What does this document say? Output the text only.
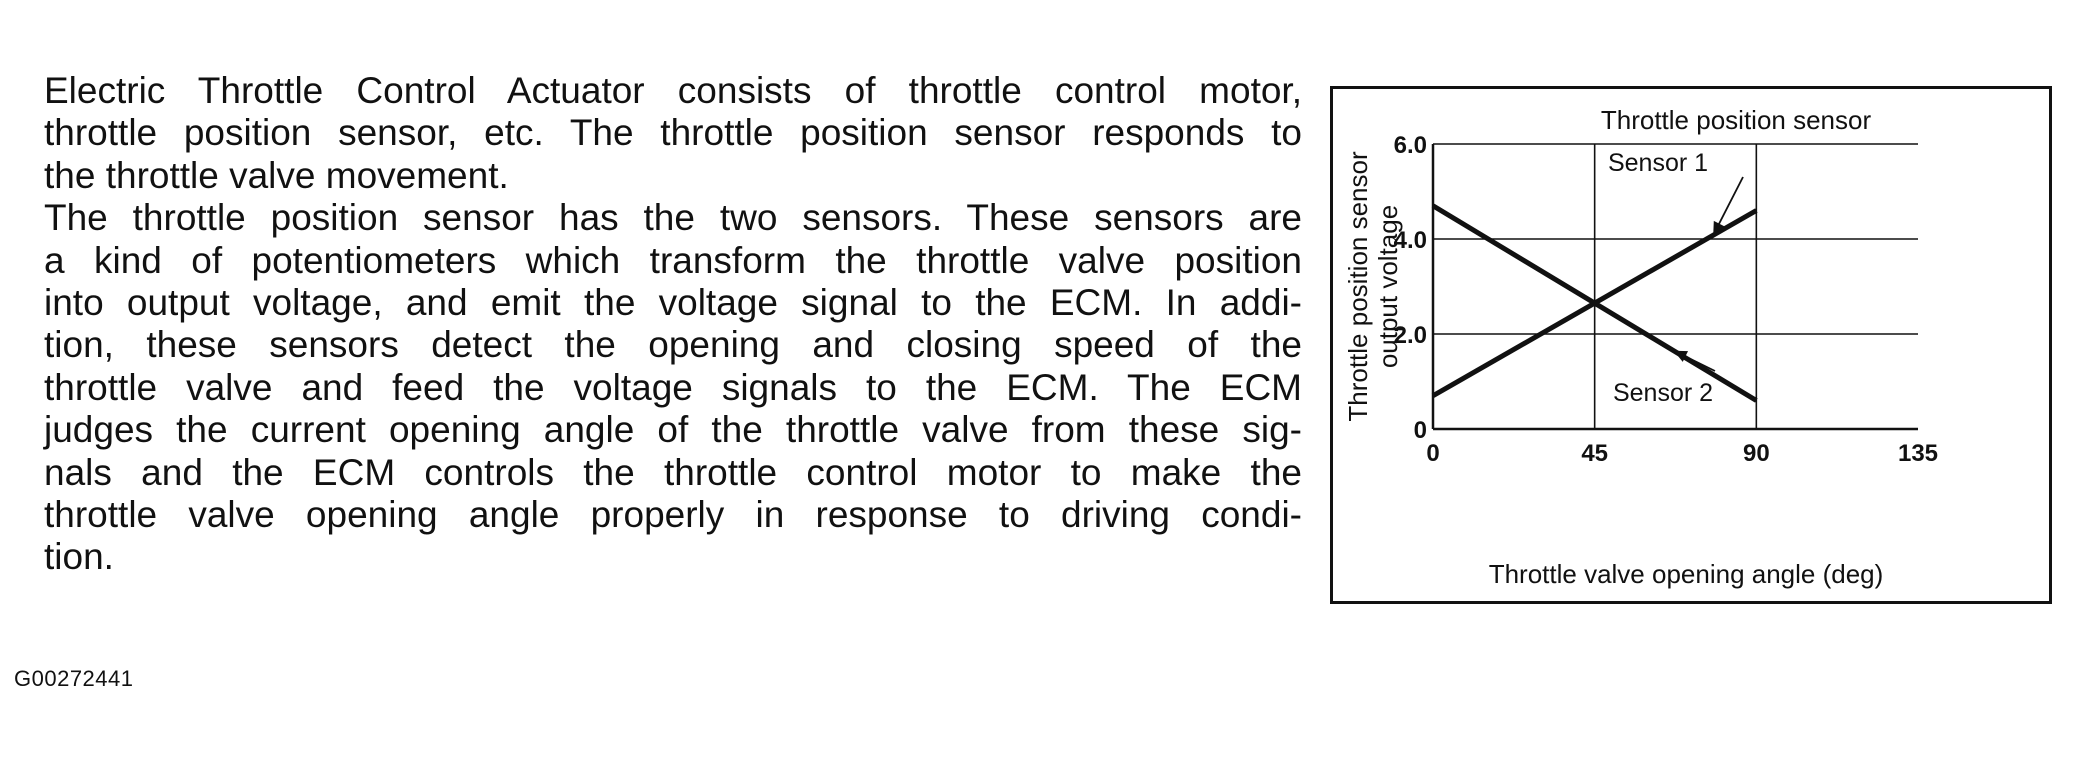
Electric Throttle Control Actuator consists of throttle control motor,
throttle position sensor, etc. The throttle position sensor responds to
the throttle valve movement.

The throttle position sensor has the two sensors. These sensors are
a kind of potentiometers which transform the throttle valve position
into output voltage, and emit the voltage signal to the ECM. In addi-
tion, these sensors detect the opening and closing speed of the
throttle valve and feed the voltage signals to the ECM. The ECM
judges the current opening angle of the throttle valve from these sig-
nals and the ECM controls the throttle control motor to make the
throttle valve opening angle properly in response to driving condi-
tion.

G00272441
Throttle position sensor
0
2.0
4.0
6.0
0	45	90	135
Sensor 1
Sensor 2
Throttle position sensor output voltage
Throttle valve opening angle (deg)
